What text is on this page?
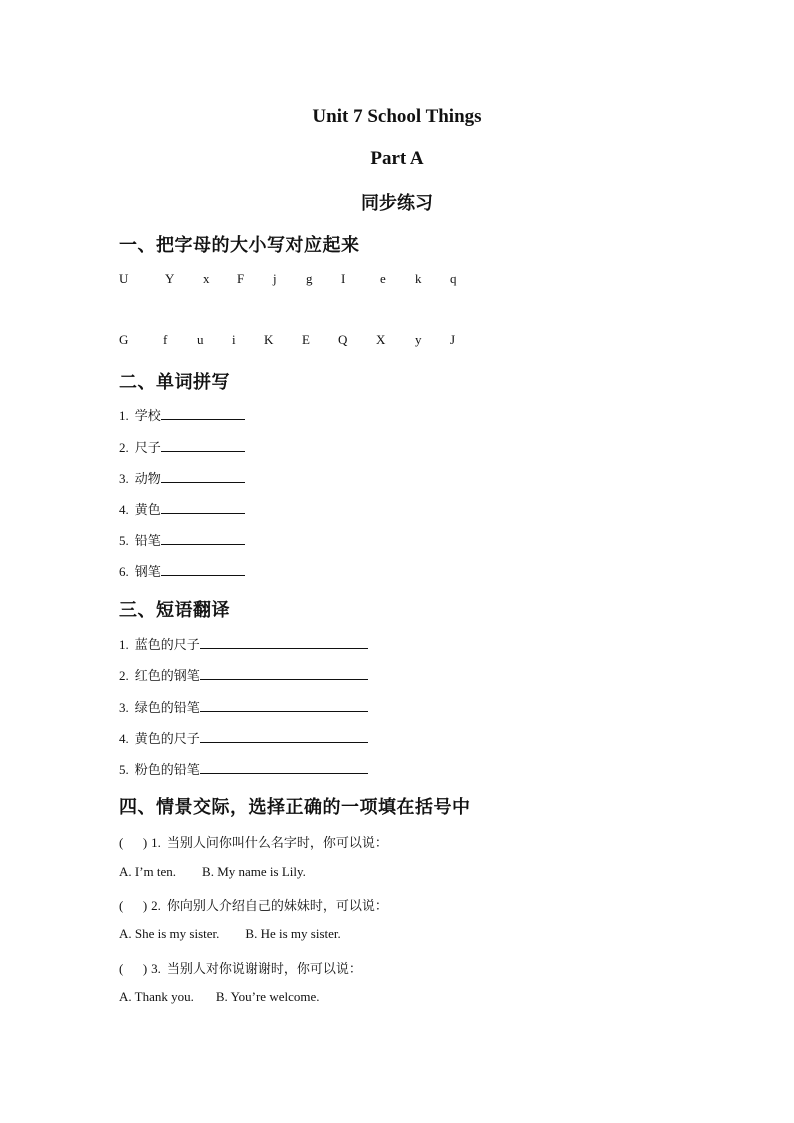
Unit 7 School Things
Part A
同步练习
一、把字母的大小写对应起来
U	Y x F j g I	e k q
G	f u i K E Q X y J
二、单词拼写
1. 学校
2. 尺子
3. 动物
4. 黄色
5. 铅笔
6. 钢笔
三、短语翻译
1. 蓝色的尺子
2. 红色的钢笔
3. 绿色的铅笔
4. 黄色的尺子
5. 粉色的铅笔
四、情景交际，选择正确的一项填在括号中
(      ) 1. 当别人问你叫什么名字时，你可以说：
A. I’m ten. B. My name is Lily.
(      ) 2. 你向别人介绍自己的妹妹时，可以说：
A. She is my sister. B. He is my sister.
(      ) 3. 当别人对你说谢谢时，你可以说：
A. Thank you. B. You’re welcome.
